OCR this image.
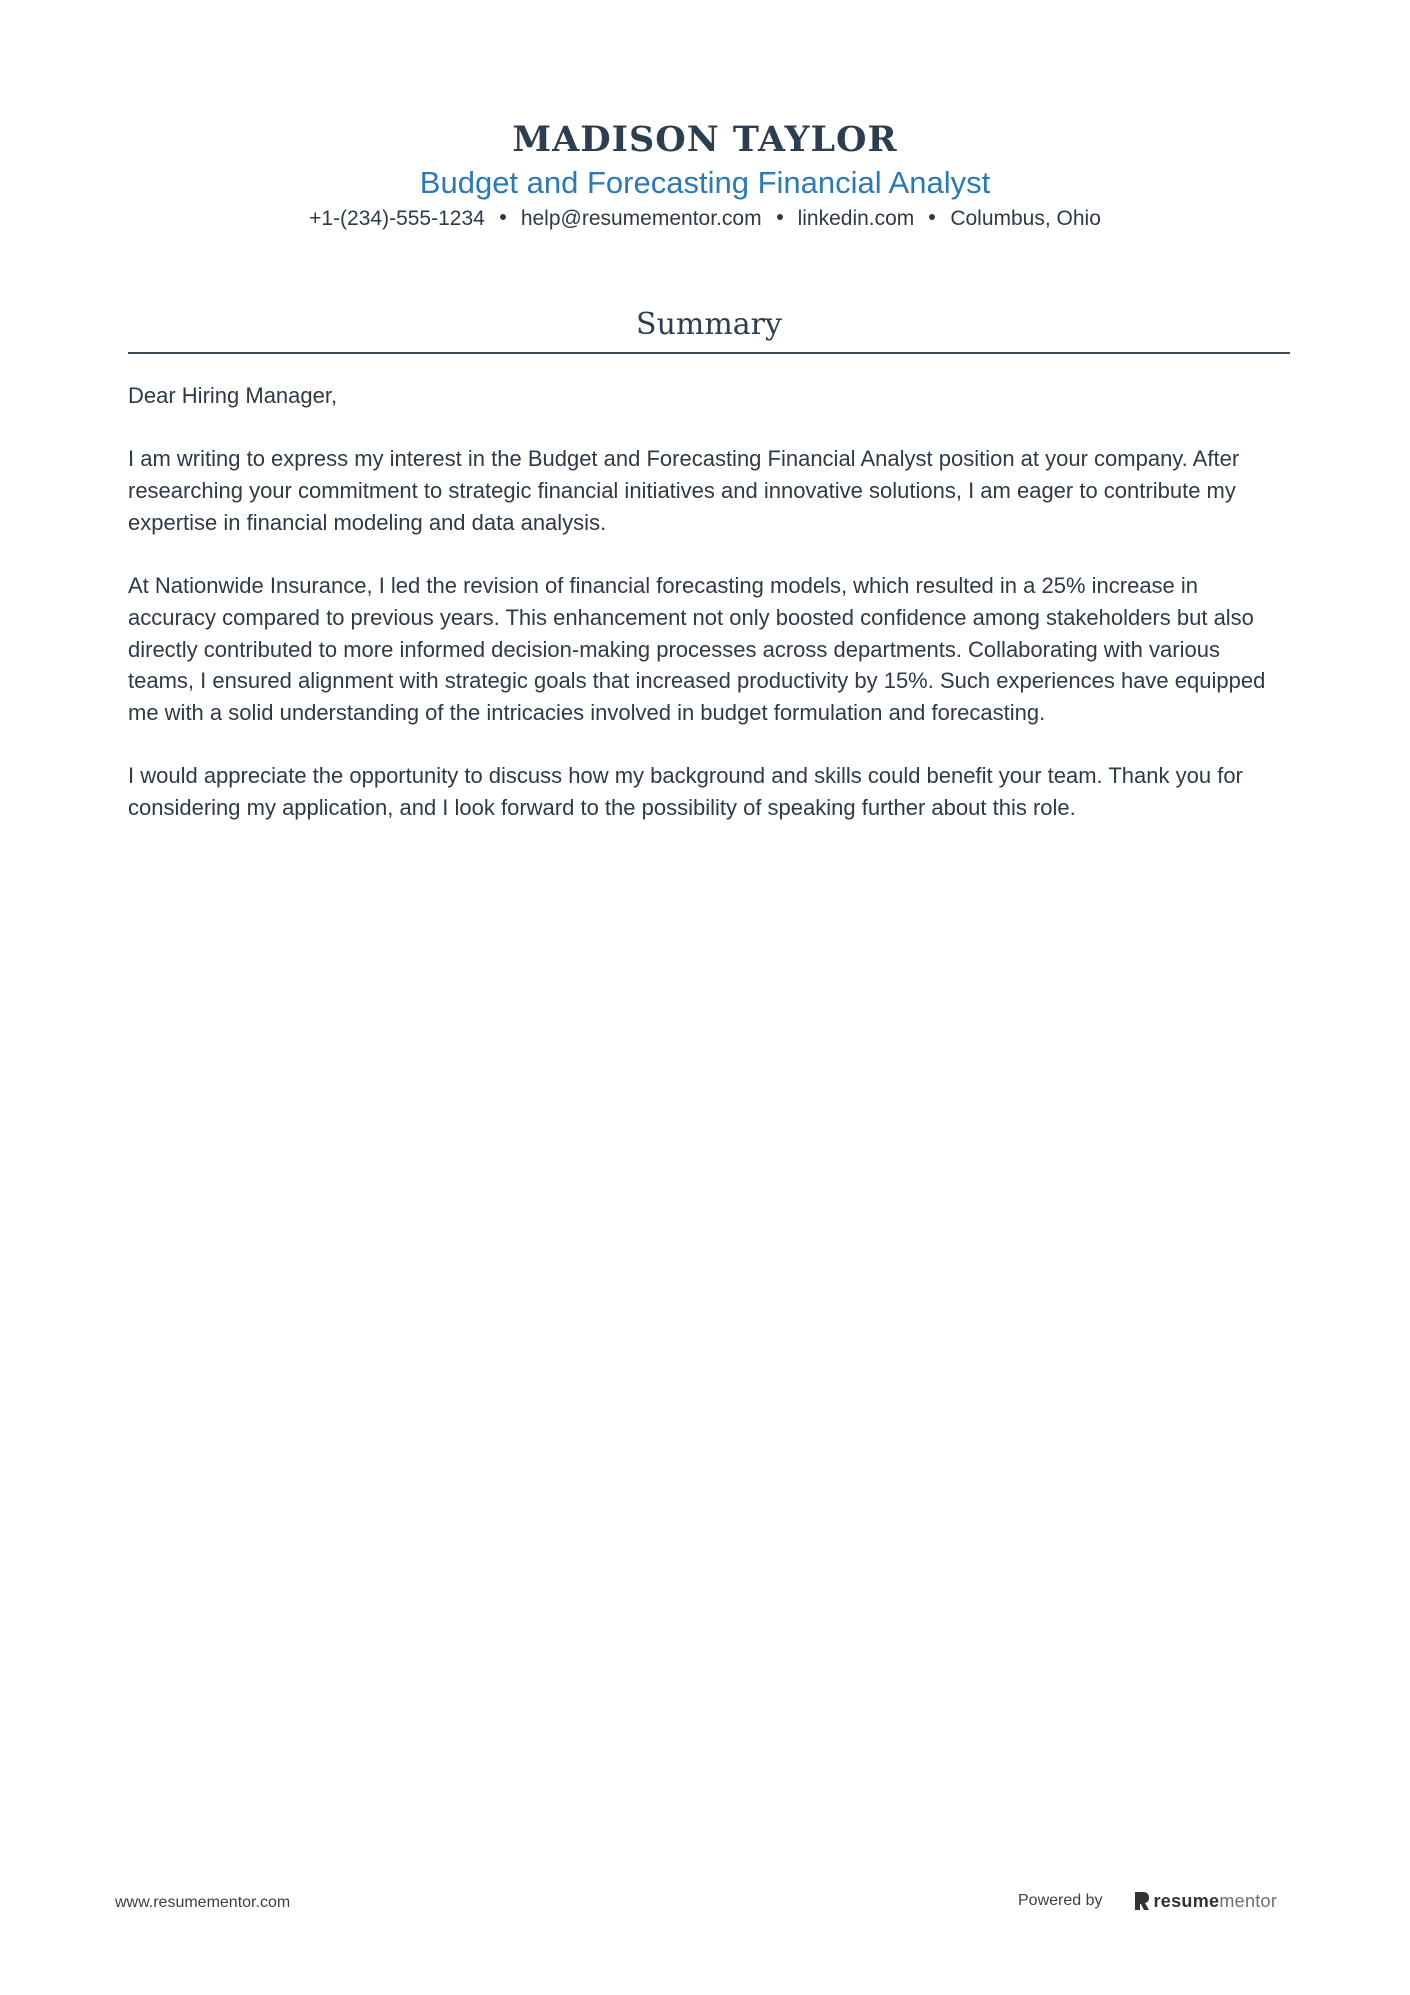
MADISON TAYLOR
Budget and Forecasting Financial Analyst
+1-(234)-555-1234 help@resumementor.com linkedin.com Columbus, Ohio
Summary

Dear Hiring Manager,

I am writing to express my interest in the Budget and Forecasting Financial Analyst position at your company. After researching your commitment to strategic financial initiatives and innovative solutions, I am eager to contribute my expertise in financial modeling and data analysis.

At Nationwide Insurance, I led the revision of financial forecasting models, which resulted in a 25% increase in accuracy compared to previous years. This enhancement not only boosted confidence among stakeholders but also directly contributed to more informed decision-making processes across departments. Collaborating with various teams, I ensured alignment with strategic goals that increased productivity by 15%. Such experiences have equipped me with a solid understanding of the intricacies involved in budget formulation and forecasting.

I would appreciate the opportunity to discuss how my background and skills could benefit your team. Thank you for considering my application, and I look forward to the possibility of speaking further about this role.

www.resumementor.com	Powered by	resumementor
